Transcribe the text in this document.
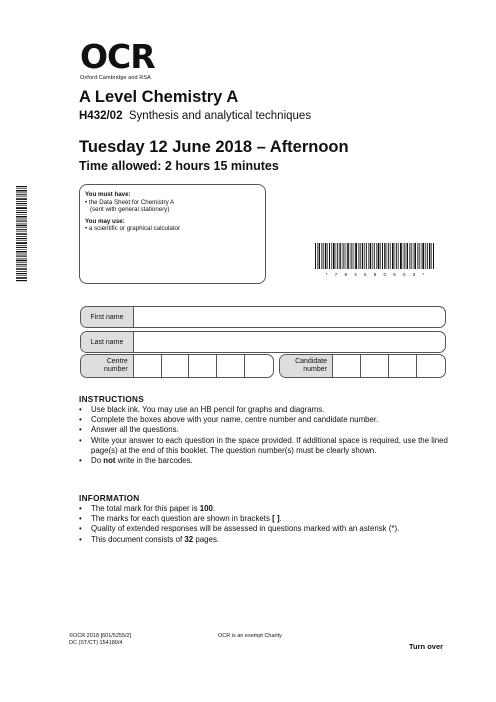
OCR
Oxford Cambridge and RSA
A Level Chemistry A
H432/02 Synthesis and analytical techniques
Tuesday 12 June 2018 – Afternoon
Time allowed: 2 hours 15 minutes
You must have:
• the Data Sheet for Chemistry A
(sent with general stationery)
You may use:
• a scientific or graphical calculator
* 7 8 4 5 8 0 5 0 3 *
First name
Last name
Centre
number
Candidate
number
INSTRUCTIONS
• Use black ink. You may use an HB pencil for graphs and diagrams.
• Complete the boxes above with your name, centre number and candidate number.
• Answer all the questions.
• Write your answer to each question in the space provided. If additional space is required, use the lined page(s) at the end of this booklet. The question number(s) must be clearly shown.
• Do not write in the barcodes.
INFORMATION
• The total mark for this paper is 100.
• The marks for each question are shown in brackets [ ].
• Quality of extended responses will be assessed in questions marked with an asterisk (*).
• This document consists of 32 pages.
©OCR 2018 [601/5255/2]
DC (ST/CT) 154180/4
OCR is an exempt Charity
Turn over
